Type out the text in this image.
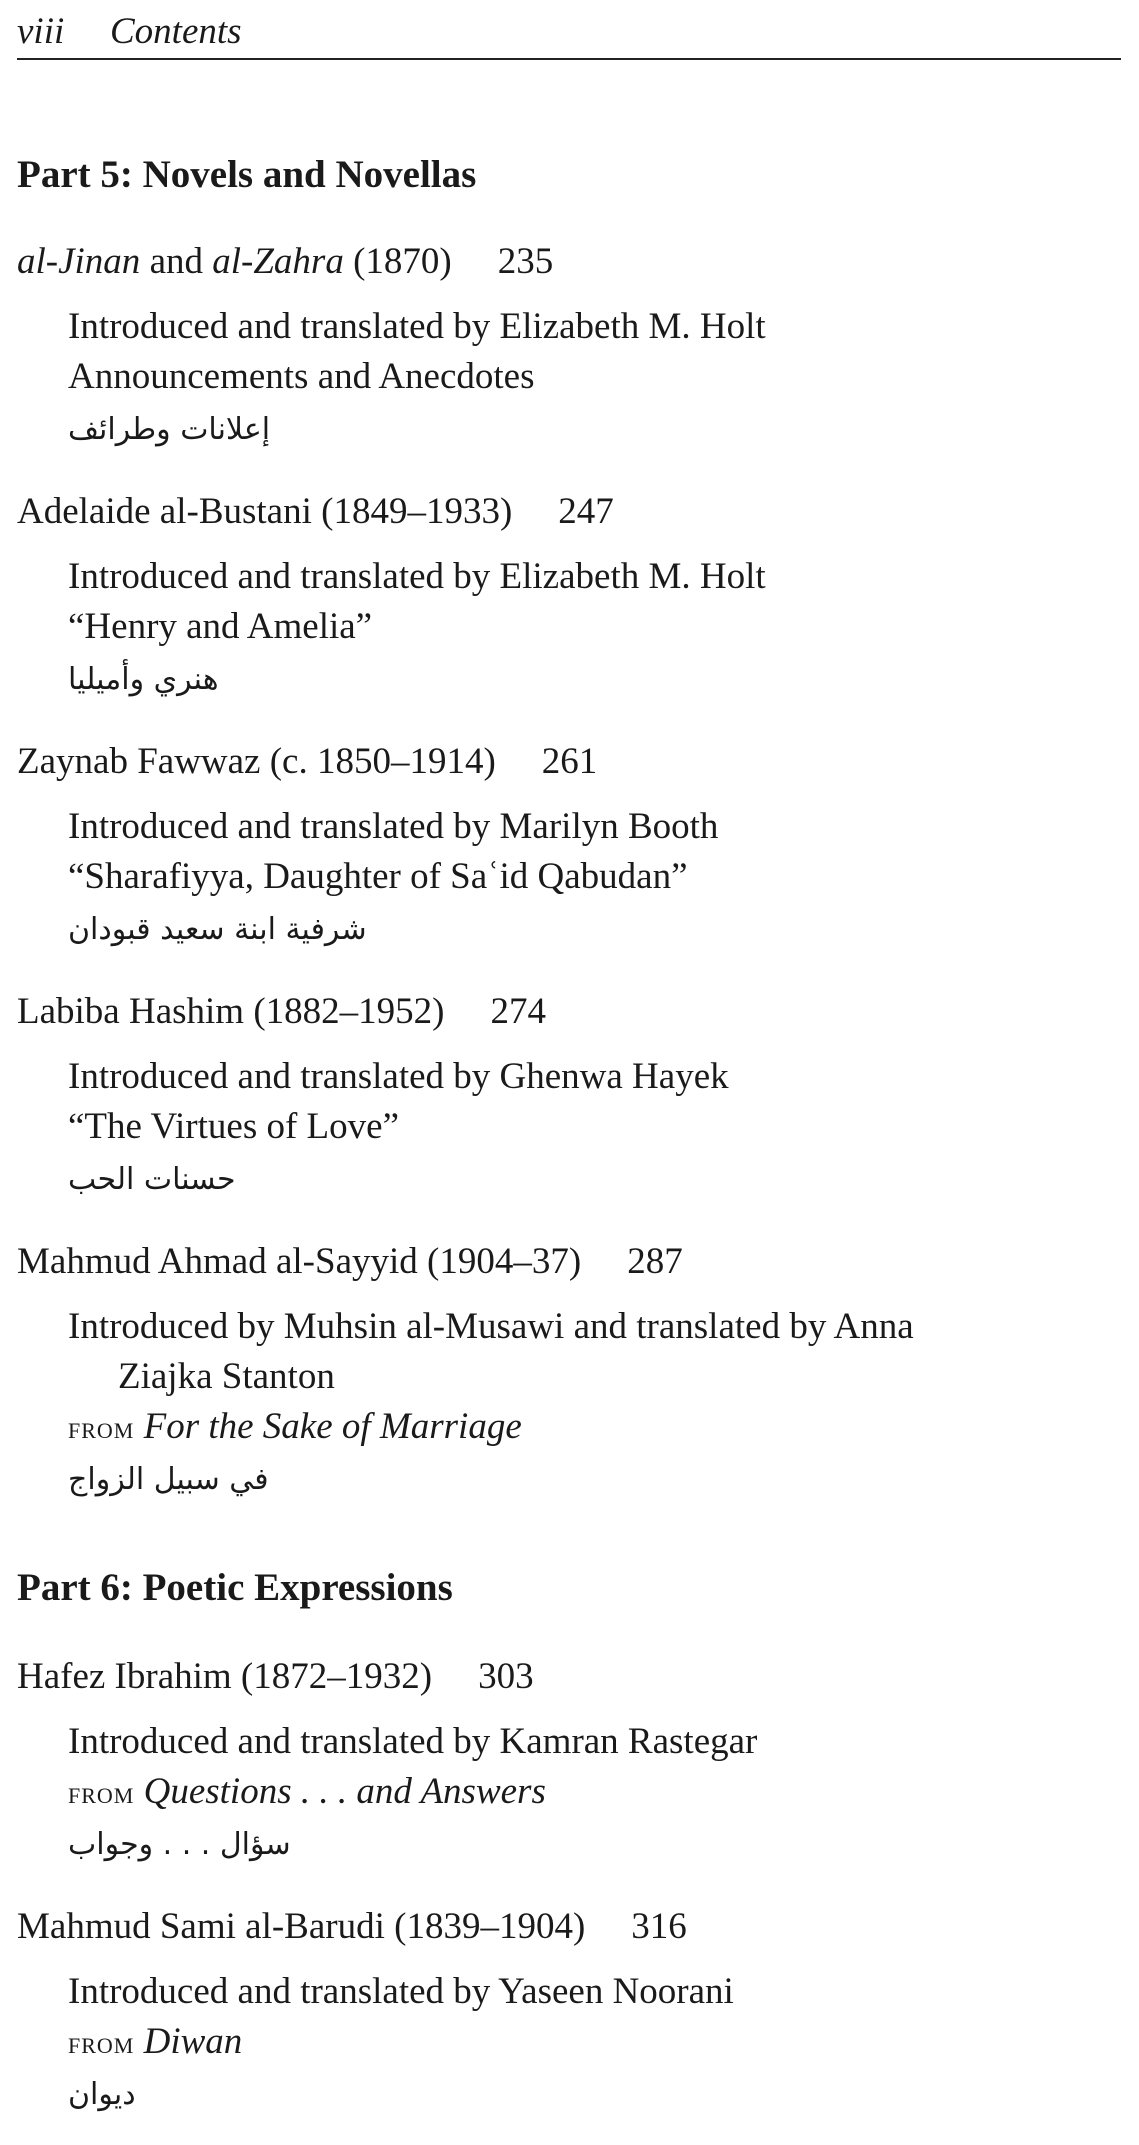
viii Contents
Part 5: Novels and Novellas
al-Jinan and al-Zahra (1870) 235
Introduced and translated by Elizabeth M. Holt
Announcements and Anecdotes
إعلانات وطرائف
Adelaide al-Bustani (1849–1933) 247
Introduced and translated by Elizabeth M. Holt
“Henry and Amelia”
هنري وأميليا
Zaynab Fawwaz (c. 1850–1914) 261
Introduced and translated by Marilyn Booth
“Sharafiyya, Daughter of Saʿid Qabudan”
شرفية ابنة سعيد قبودان
Labiba Hashim (1882–1952) 274
Introduced and translated by Ghenwa Hayek
“The Virtues of Love”
حسنات الحب
Mahmud Ahmad al-Sayyid (1904–37) 287
Introduced by Muhsin al-Musawi and translated by Anna
Ziajka Stanton
from For the Sake of Marriage
في سبيل الزواج
Part 6: Poetic Expressions
Hafez Ibrahim (1872–1932) 303
Introduced and translated by Kamran Rastegar
from Questions . . . and Answers
سؤال . . . وجواب
Mahmud Sami al-Barudi (1839–1904) 316
Introduced and translated by Yaseen Noorani
from Diwan
ديوان
